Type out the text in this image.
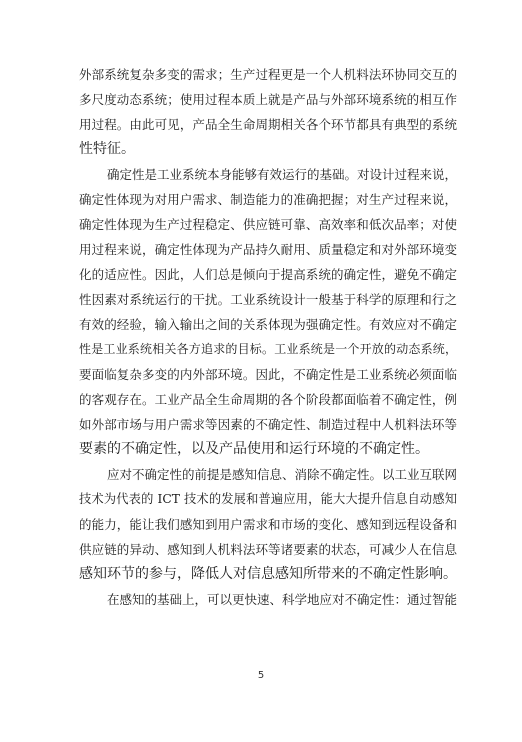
外部系统复杂多变的需求；生产过程更是一个人机料法环协同交互的
多尺度动态系统；使用过程本质上就是产品与外部环境系统的相互作
用过程。由此可见，产品全生命周期相关各个环节都具有典型的系统
性特征。
确定性是工业系统本身能够有效运行的基础。对设计过程来说，
确定性体现为对用户需求、制造能力的准确把握；对生产过程来说，
确定性体现为生产过程稳定、供应链可靠、高效率和低次品率；对使
用过程来说，确定性体现为产品持久耐用、质量稳定和对外部环境变
化的适应性。因此，人们总是倾向于提高系统的确定性，避免不确定
性因素对系统运行的干扰。工业系统设计一般基于科学的原理和行之
有效的经验，输入输出之间的关系体现为强确定性。有效应对不确定
性是工业系统相关各方追求的目标。工业系统是一个开放的动态系统，
要面临复杂多变的内外部环境。因此，不确定性是工业系统必须面临
的客观存在。工业产品全生命周期的各个阶段都面临着不确定性，例
如外部市场与用户需求等因素的不确定性、制造过程中人机料法环等
要素的不确定性，以及产品使用和运行环境的不确定性。
应对不确定性的前提是感知信息、消除不确定性。以工业互联网
技术为代表的 ICT 技术的发展和普遍应用，能大大提升信息自动感知
的能力，能让我们感知到用户需求和市场的变化、感知到远程设备和
供应链的异动、感知到人机料法环等诸要素的状态，可减少人在信息
感知环节的参与，降低人对信息感知所带来的不确定性影响。
在感知的基础上，可以更快速、科学地应对不确定性：通过智能
5
